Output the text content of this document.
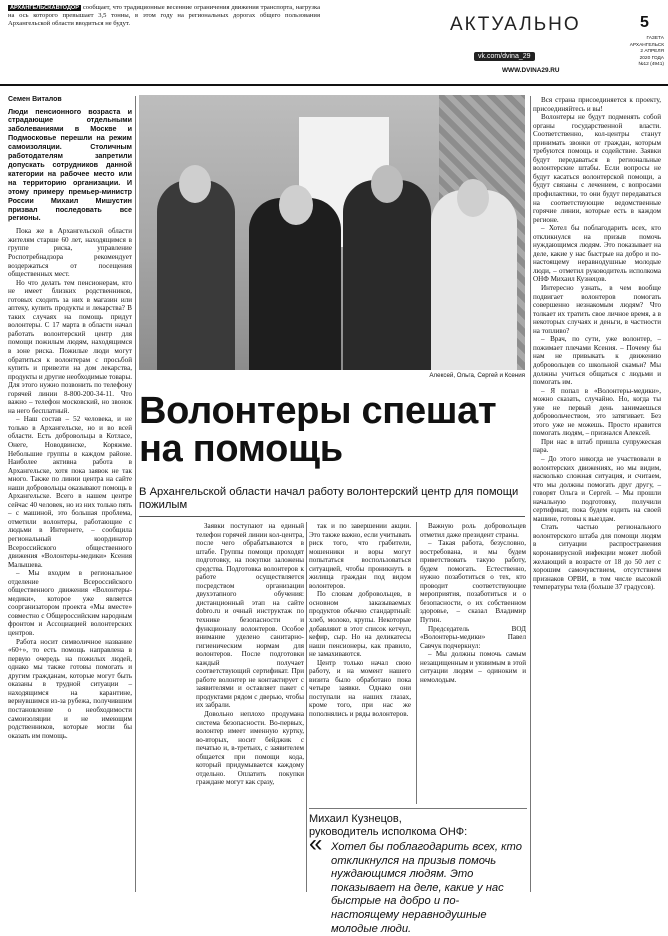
АРХАНГЕЛЬСКАВТОДОР сообщает, что традиционные весенние ограничения движения транспорта, нагрузка на ось которого превышает 3,5 тонны, в этом году на региональных дорогах общего пользования Архангельской области вводиться не будут.	АКТУАЛЬНО
vk.com/dvina_29
WWW.DVINA29.RU
5
ГАЗЕТА
АРХАНГЕЛЬСК
2 АПРЕЛЯ
2020 ГОДА
№12 (4941)
Семен Виталов
Люди пенсионного возраста и страдающие отдельными заболеваниями в Москве и Подмосковье перешли на режим самоизоляции. Столичным работодателям запретили допускать сотрудников данной категории на рабочее место или на территорию организации. И этому примеру премьер-министр России Михаил Мишустин призвал последовать все регионы.

Пока же в Архангельской области жителям старше 60 лет, находящимся в группе риска, управление Роспотребнадзора рекомендует воздержаться от посещения общественных мест.

Но что делать тем пенсионерам, кто не имеет близких родственников, готовых сходить за них в магазин или аптеку, купить продукты и лекарства? В таких случаях на помощь придут волонтеры. С 17 марта в области начал работать волонтерский центр для помощи пожилым людям, находящимся в зоне риска. Пожилые люди могут обратиться к волонтерам с просьбой купить и привезти на дом лекарства, продукты и другие необходимые товары. Для этого нужно позвонить по телефону горячей линии 8-800-200-34-11. Что важно – телефон московский, но звонок на него бесплатный.

– Наш состав – 52 человека, и не только в Архангельске, но и во всей области. Есть добровольцы в Котласе, Онеге, Новодвинске, Коряжме. Небольшие группы в каждом районе. Наиболее активна работа в Архангельске, хотя пока заявок не так много. Также по линии центра на сайте наши добровольцы оказывают помощь в Архангельске. Всего в нашем центре сейчас 40 человек, но из них только пять – с машиной, это большая проблема, отметили волонтеры, работающие с людьми в Интернете, – сообщила региональный координатор Всероссийского общественного движения «Волонтеры-медики» Ксения Малышева.

– Мы входим в региональное отделение Всероссийского общественного движения «Волонтеры-медики», которое уже является соорганизатором проекта «Мы вместе» совместно с Общероссийским народным фронтом и Ассоциацией волонтерских центров.

Работа носит символичное название «60+», то есть помощь направлена в первую очередь на пожилых людей, однако мы также готовы помогать и другим гражданам, которые могут быть оказаны в трудной ситуации – находящимся на карантине, вернувшимся из-за рубежа, получившим постановление о необходимости самоизоляции и не имеющим родственников, которые могли бы оказать им помощь.

Алексей, Ольга, Сергей и Ксения
Волонтеры спешат на помощь
В Архангельской области начал работу волонтерский центр для помощи пожилым

Заявки поступают на единый телефон горячей линии кол-центра, после чего обрабатываются в штабе. Группы помощи проходят подготовку, на покупки заложены средства. Подготовка волонтеров к работе осуществляется посредством организации двухэтапного обучения: дистанционный этап на сайте dobro.ru и очный инструктаж по технике безопасности и функционалу волонтеров. Особое внимание уделено санитарно-гигиеническим нормам для волонтеров. После подготовки каждый получает соответствующий сертификат. При работе волонтер не контактирует с заявителями и оставляет пакет с продуктами рядом с дверью, чтобы их забрали.

Довольно неплохо продумана система безопасности. Во-первых, волонтер имеет именную куртку, во-вторых, носит бейджик с печатью и, в-третьих, с заявителем общается при помощи кода, который придумывается каждому отдельно. Оплатить покупки граждане могут как сразу,

так и по завершении акции. Это также важно, если учитывать риск того, что грабители, мошенники и воры могут попытаться воспользоваться ситуацией, чтобы проникнуть в жилища граждан под видом волонтеров.

По словам добровольцев, в основном заказываемых продуктов обычно стандартный: хлеб, молоко, крупы. Некоторые добавляют в этот список кетчуп, кефир, сыр. Но на деликатесы наши пенсионеры, как правило, не замахиваются.

Центр только начал свою работу, и на момент нашего визита было обработано пока четыре заявки. Однако они поступали на наших глазах, кроме того, при нас же пополнялись и ряды волонтеров.

Важную роль добровольцев отметил даже президент страны.

– Такая работа, безусловно, востребована, и мы будем приветствовать такую работу, будем помогать. Естественно, нужно позаботиться о тех, кто проводит соответствующие мероприятия, позаботиться и о безопасности, о их собственном здоровье, – сказал Владимир Путин.

Председатель ВОД «Волонтеры-медики» Павел Савчук подчеркнул:

– Мы должны помочь самым незащищенным и уязвимым в этой ситуации людям – одиноким и немолодым.

Михаил Кузнецов,
руководитель исполкома ОНФ:
« Хотел бы поблагодарить всех, кто откликнулся на призыв помочь нуждающимся людям. Это показывает на деле, какие у нас быстрые на добро и по-настоящему неравнодушные молодые люди.

Вся страна присоединяется к проекту, присоединяйтесь и вы!

Волонтеры не будут подменять собой органы государственной власти. Соответственно, кол-центры станут принимать звонки от граждан, которым требуются помощь и содействие. Заявки будут передаваться в региональные волонтерские штабы. Если вопросы не будут касаться волонтерской помощи, а будут связаны с лечением, с вопросами профилактики, то они будут передаваться на соответствующие ведомственные горячие линии, которые есть в каждом регионе.

– Хотел бы поблагодарить всех, кто откликнулся на призыв помочь нуждающимся людям. Это показывает на деле, какие у нас быстрые на добро и по-настоящему неравнодушные молодые люди, – отметил руководитель исполкома ОНФ Михаил Кузнецов.

Интересно узнать, в чем вообще подвигает волонтеров помогать совершенно незнакомым людям? Что толкает их тратить свое личное время, а в некоторых случаях и деньги, в частности на топливо?

– Врач, по сути, уже волонтер, – пожимает плечами Ксения. – Почему бы нам не привыкать к движению добровольцев со школьной скамьи? Мы должны учиться общаться с людьми и помогать им.

– Я попал в «Волонтеры-медики», можно сказать, случайно. Но, когда ты уже не первый день занимаешься добровольчеством, это затягивает. Без этого уже не можешь. Просто нравится помогать людям, – признался Алексей.

При нас в штаб пришла супружеская пара.

– До этого никогда не участвовали в волонтерских движениях, но мы видим, насколько сложная ситуация, и считаем, что мы должны помогать друг другу, – говорят Ольга и Сергей. – Мы прошли начальную подготовку, получили сертификат, пока будем ездить на своей машине, готовы к выездам.

Стать частью регионального волонтерского штаба для помощи людям в ситуации распространения коронавирусной инфекции может любой желающий в возрасте от 18 до 50 лет с хорошим самочувствием, отсутствием признаков ОРВИ, в том числе высокой температуры тела (больше 37 градусов).
